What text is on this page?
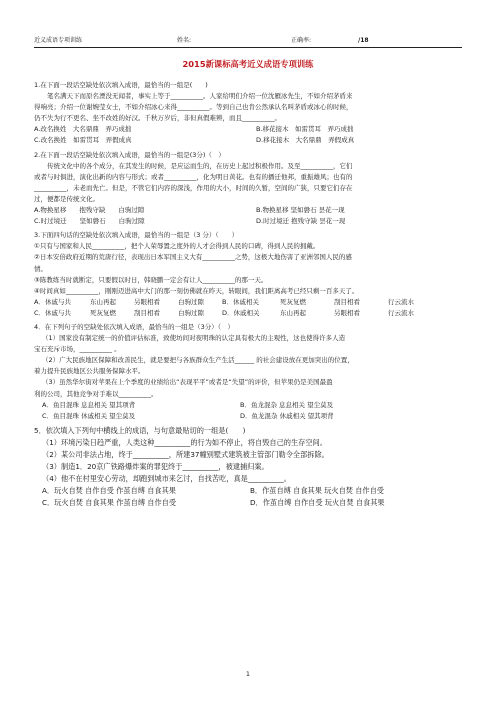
近义成语专项训练	姓名:	正确率:	/18
2015新课标高考近义成语专项训练
1.在下面一段话空缺处依次填入成语，最恰当的一组是(　　)
笔名满天下而原名湮没无闻者，事实上等于__________。人家给明们介绍一位沈雁冰先生，不如介绍茅盾来
得响亮；介绍一位谢婉莹女士，不如介绍冰心来得__________。等到自己也肯公然承认名叫茅盾或冰心的时候，
仍不失为行不更名、坐不改姓的好汉。千秋万岁后，非但真假难辨，而且__________。
A.改名换姓　大名鼎鼎　弄巧成拙	B.移花接木　如雷贯耳　弄巧成拙
C.改名换姓　如雷贯耳　弄假成真	D.移花接木　大名鼎鼎　弄假成真
2.在下面一段话空缺处依次填入成语，最恰当的一组是(3分)（　）
传统文化中的各个成分，在其发生的时候，是应运而生的，在历史上起过积极作用。及至__________，它们
或者与时俱进，演化出新的内容与形式；或者__________，化为明日黄花。也有的播迁他邦，重振雄风；也有的
__________，未老而先亡。但是，不管它们内容的深浅，作用的大小，时间的久暂，空间的广狭，只要它们存在
过，便都是传统文化。
A.物换星移　　抱残守缺　　白驹过隙	B.物换星移 坚如磐石 昙花一现
C.时过境迁　　坚如磐石　　白驹过隙	D.时过境迁 抱残守缺 昙花一现
3.下面四句话的空缺处依次填入成语，最恰当的一组是（3 分）（　　）
①只有与国家和人民__________，把个人荣辱置之度外的人才会得到人民的口碑，得到人民的拥戴。
②日本安倍政府近期的荒唐行径，表现出日本军国主义大有__________之势，这极大地伤害了亚洲邻国人民的感
情。
③陈教练当时就断定，只要假以时日，韩晓鹏一定会有让人__________的那一天。
④时间真如__________，刚刚迈进高中大门的那一刻仿佛就在昨天，转眼间，我们距离高考已经只剩一百多天了。
A．休戚与共	东山再起	另眼相看	白驹过隙	B．休戚相关	死灰复燃	刮目相看	行云流水
C．休戚与共	死灰复燃	刮目相看	白驹过隙	D．休戚相关	东山再起	另眼相看	行云流水
4．在下列句子的空缺处依次填入成语，最恰当的一组是（3分）（　）
（1）国家没有制定统一的价值评估标准，致使坊间对夜明珠的认定具有极大的主观性，这也使得许多人造
宝石充斥市场，__________ 。
（2）广大民族地区保障和改善民生，就是要把与各族群众生产生活______ 的社会建设放在更加突出的位置，
着力提升民族地区公共服务保障水平。
（3）虽然华尔街对苹果在上个季度的业绩给出“表现平平”或者是“失望”的评价，但苹果仍是美国最盈
利的公司，其他竞争对手难以__________。
A．鱼目混珠 息息相关 望其项背	B．鱼龙混杂 息息相关 望尘莫及
C．鱼目混珠 休戚相关 望尘莫及	D．鱼龙混杂 休戚相关 望其项背
5．依次填入下列句中横线上的成语，与句意最贴切的一组是(　　)
（1）环境污染日趋严重，人类这种__________的行为如不停止，将自毁自己的生存空间。
（2）某公司非法占地，终于__________，所建37幢别墅式建筑被主管部门勒令全部拆除。
（3）制造1．20京广铁路爆炸案的罪犯终于__________，被逮捕归案。
（4）他不在村里安心劳动，却跑到城市来乞讨，自找苦吃，真是__________。
A．玩火自焚 自作自受 作茧自缚 自食其果	B．作茧自缚 自食其果 玩火自焚 自作自受
C．玩火自焚 自食其果 作茧自缚 自作自受	D．作茧自缚 自作自受 玩火自焚 自食其果
1
